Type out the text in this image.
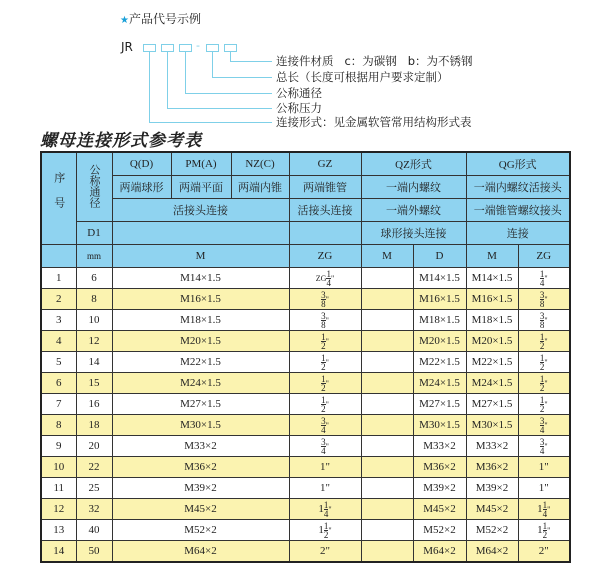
★产品代号示例
JR	-
连接件材质   c：为碳钢   b：为不锈钢
总长（长度可根据用户要求定制）
公称通径
公称压力
连接形式：见金属软管常用结构形式表
螺母连接形式参考表
序号	公称通径	Q(D)	PM(A)	NZ(C)	GZ	QZ形式		QG形式	
		两端球形	两端平面	两端内锥	两端锥管	一端内螺纹		一端内螺纹活接头	
		活接头连接			活接头连接	一端外螺纹		一端锥管螺纹接头	
	D1					球形接头连接		连接	
	mm	M			ZG	M	D	M	ZG
1	6	M14×1.5			ZG $\frac{1}{4}$ "		M14×1.5	M14×1.5	$\frac{1}{4}$ "
2	8	M16×1.5			$\frac{3}{8}$ "		M16×1.5	M16×1.5	$\frac{3}{8}$ "
3	10	M18×1.5			$\frac{3}{8}$ "		M18×1.5	M18×1.5	$\frac{3}{8}$ "
4	12	M20×1.5			$\frac{1}{2}$ "		M20×1.5	M20×1.5	$\frac{1}{2}$ "
5	14	M22×1.5			$\frac{1}{2}$ "		M22×1.5	M22×1.5	$\frac{1}{2}$ "
6	15	M24×1.5			$\frac{1}{2}$ "		M24×1.5	M24×1.5	$\frac{1}{2}$ "
7	16	M27×1.5			$\frac{1}{2}$ "		M27×1.5	M27×1.5	$\frac{1}{2}$ "
8	18	M30×1.5			$\frac{3}{4}$ "		M30×1.5	M30×1.5	$\frac{3}{4}$ "
9	20	M33×2			$\frac{3}{4}$ "		M33×2	M33×2	$\frac{3}{4}$ "
10	22	M36×2			1"		M36×2	M36×2	1"
11	25	M39×2			1"		M39×2	M39×2	1"
12	32	M45×2			$1 \frac{1}{4}$ "		M45×2	M45×2	$1 \frac{1}{4}$ "
13	40	M52×2			$1 \frac{1}{2}$ "		M52×2	M52×2	$1 \frac{1}{2}$ "
14	50	M64×2			2"		M64×2	M64×2	2"
